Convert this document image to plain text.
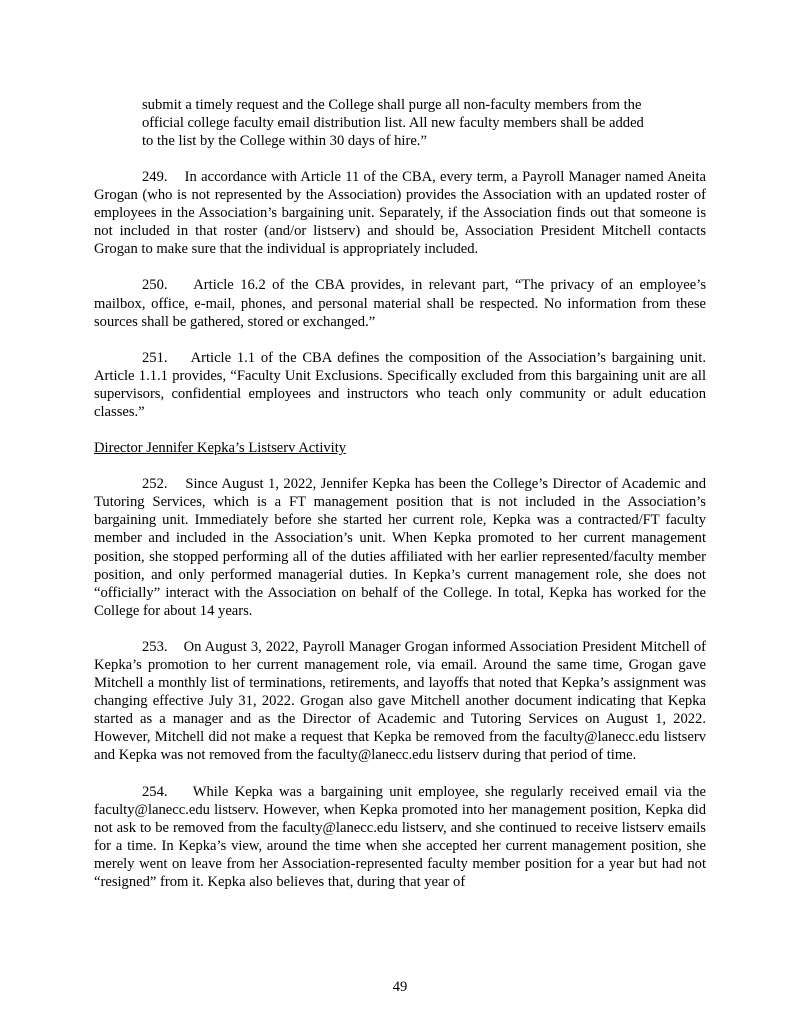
submit a timely request and the College shall purge all non-faculty members from the official college faculty email distribution list. All new faculty members shall be added to the list by the College within 30 days of hire.”

249. In accordance with Article 11 of the CBA, every term, a Payroll Manager named Aneita Grogan (who is not represented by the Association) provides the Association with an updated roster of employees in the Association’s bargaining unit. Separately, if the Association finds out that someone is not included in that roster (and/or listserv) and should be, Association President Mitchell contacts Grogan to make sure that the individual is appropriately included.

250. Article 16.2 of the CBA provides, in relevant part, “The privacy of an employee’s mailbox, office, e-mail, phones, and personal material shall be respected. No information from these sources shall be gathered, stored or exchanged.”

251. Article 1.1 of the CBA defines the composition of the Association’s bargaining unit. Article 1.1.1 provides, “Faculty Unit Exclusions. Specifically excluded from this bargaining unit are all supervisors, confidential employees and instructors who teach only community or adult education classes.”

Director Jennifer Kepka’s Listserv Activity

252. Since August 1, 2022, Jennifer Kepka has been the College’s Director of Academic and Tutoring Services, which is a FT management position that is not included in the Association’s bargaining unit. Immediately before she started her current role, Kepka was a contracted/FT faculty member and included in the Association’s unit. When Kepka promoted to her current management position, she stopped performing all of the duties affiliated with her earlier represented/faculty member position, and only performed managerial duties. In Kepka’s current management role, she does not “officially” interact with the Association on behalf of the College. In total, Kepka has worked for the College for about 14 years.

253. On August 3, 2022, Payroll Manager Grogan informed Association President Mitchell of Kepka’s promotion to her current management role, via email. Around the same time, Grogan gave Mitchell a monthly list of terminations, retirements, and layoffs that noted that Kepka’s assignment was changing effective July 31, 2022. Grogan also gave Mitchell another document indicating that Kepka started as a manager and as the Director of Academic and Tutoring Services on August 1, 2022. However, Mitchell did not make a request that Kepka be removed from the faculty@lanecc.edu listserv and Kepka was not removed from the faculty@lanecc.edu listserv during that period of time.

254. While Kepka was a bargaining unit employee, she regularly received email via the faculty@lanecc.edu listserv. However, when Kepka promoted into her management position, Kepka did not ask to be removed from the faculty@lanecc.edu listserv, and she continued to receive listserv emails for a time. In Kepka’s view, around the time when she accepted her current management position, she merely went on leave from her Association-represented faculty member position for a year but had not “resigned” from it. Kepka also believes that, during that year of

49
